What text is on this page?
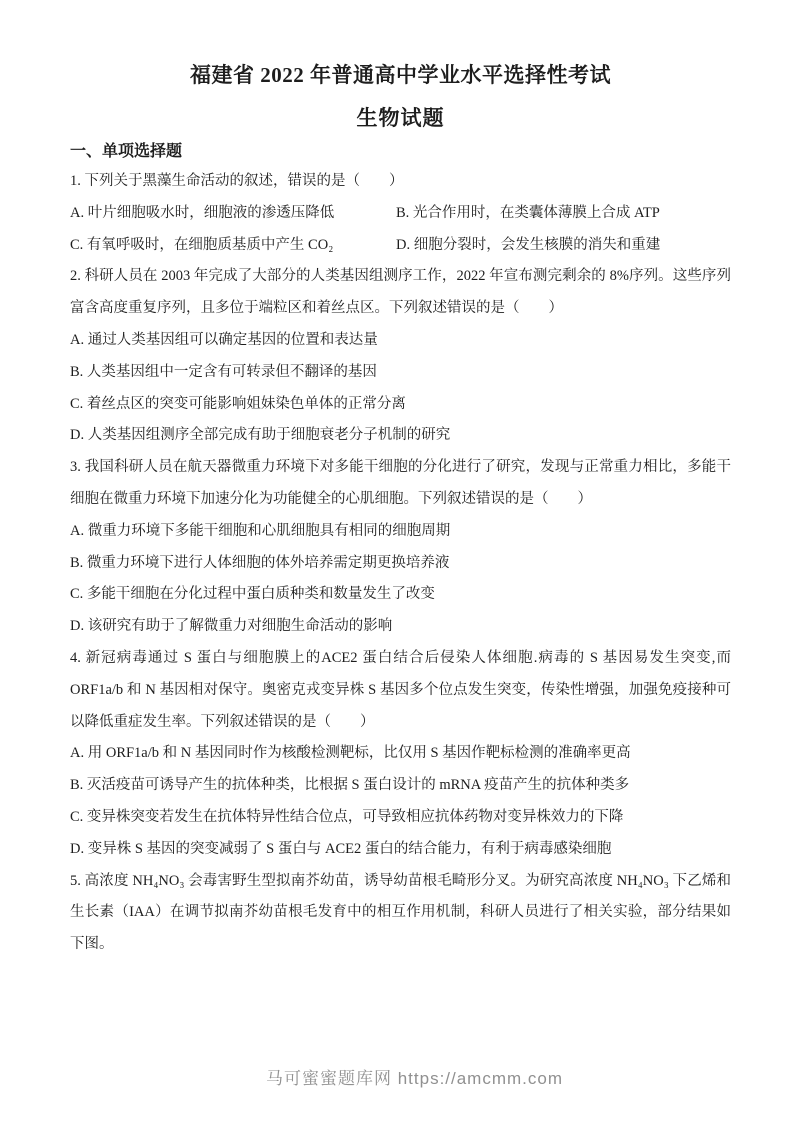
福建省 2022 年普通高中学业水平选择性考试
生物试题
一、单项选择题

1. 下列关于黑藻生命活动的叙述，错误的是（　　）

A. 叶片细胞吸水时，细胞液的渗透压降低	B. 光合作用时，在类囊体薄膜上合成 ATP

C. 有氧呼吸时，在细胞质基质中产生 CO₂	D. 细胞分裂时，会发生核膜的消失和重建

2. 科研人员在 2003 年完成了大部分的人类基因组测序工作，2022 年宣布测完剩余的 8%序列。这些序列富含高度重复序列，且多位于端粒区和着丝点区。下列叙述错误的是（　　）

A. 通过人类基因组可以确定基因的位置和表达量

B. 人类基因组中一定含有可转录但不翻译的基因

C. 着丝点区的突变可能影响姐妹染色单体的正常分离

D. 人类基因组测序全部完成有助于细胞衰老分子机制的研究

3. 我国科研人员在航天器微重力环境下对多能干细胞的分化进行了研究，发现与正常重力相比，多能干细胞在微重力环境下加速分化为功能健全的心肌细胞。下列叙述错误的是（　　）

A. 微重力环境下多能干细胞和心肌细胞具有相同的细胞周期

B. 微重力环境下进行人体细胞的体外培养需定期更换培养液

C. 多能干细胞在分化过程中蛋白质种类和数量发生了改变

D. 该研究有助于了解微重力对细胞生命活动的影响

4. 新冠病毒通过 S 蛋白与细胞膜上的ACE2 蛋白结合后侵染人体细胞.病毒的 S 基因易发生突变,而 ORF1a/b 和 N 基因相对保守。奥密克戎变异株 S 基因多个位点发生突变，传染性增强，加强免疫接种可以降低重症发生率。下列叙述错误的是（　　）

A. 用 ORF1a/b 和 N 基因同时作为核酸检测靶标，比仅用 S 基因作靶标检测的准确率更高

B. 灭活疫苗可诱导产生的抗体种类，比根据 S 蛋白设计的 mRNA 疫苗产生的抗体种类多

C. 变异株突变若发生在抗体特异性结合位点，可导致相应抗体药物对变异株效力的下降

D. 变异株 S 基因的突变减弱了 S 蛋白与 ACE2 蛋白的结合能力，有利于病毒感染细胞

5. 高浓度 NH₄NO₃ 会毒害野生型拟南芥幼苗，诱导幼苗根毛畸形分叉。为研究高浓度 NH₄NO₃ 下乙烯和生长素（IAA）在调节拟南芥幼苗根毛发育中的相互作用机制，科研人员进行了相关实验，部分结果如下图。

马可蜜蜜题库网 https://amcmm.com
